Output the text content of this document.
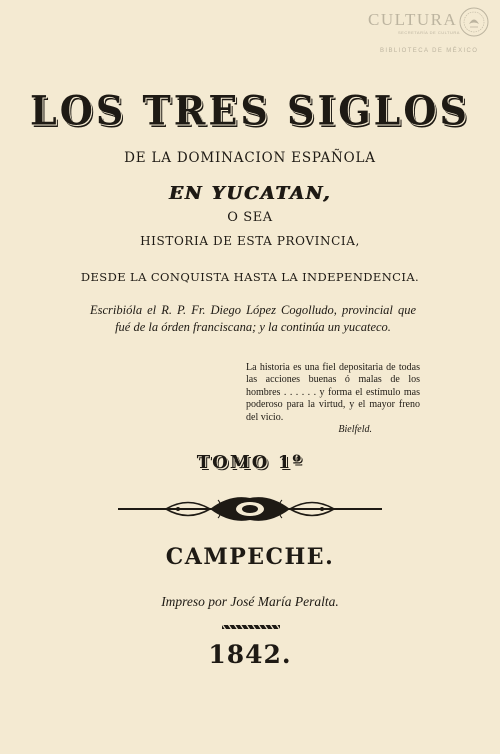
CULTURA
SECRETARÍA DE CULTURA
BIBLIOTECA DE MÉXICO
LOS TRES SIGLOS
DE LA DOMINACION ESPAÑOLA
EN YUCATAN,
O SEA
HISTORIA DE ESTA PROVINCIA,
DESDE LA CONQUISTA HASTA LA INDEPENDENCIA.
Escribióla el R. P. Fr. Diego López Cogolludo, provincial que fué de la órden franciscana; y la continúa un yucateco.
La historia es una fiel depositaria de todas las acciones buenas ó malas de los hombres . . . . . . y forma el estímulo mas poderoso para la virtud, y el mayor freno del vicio.
Bielfeld.
TOMO 1º
CAMPECHE.
Impreso por José María Peralta.
1842.
